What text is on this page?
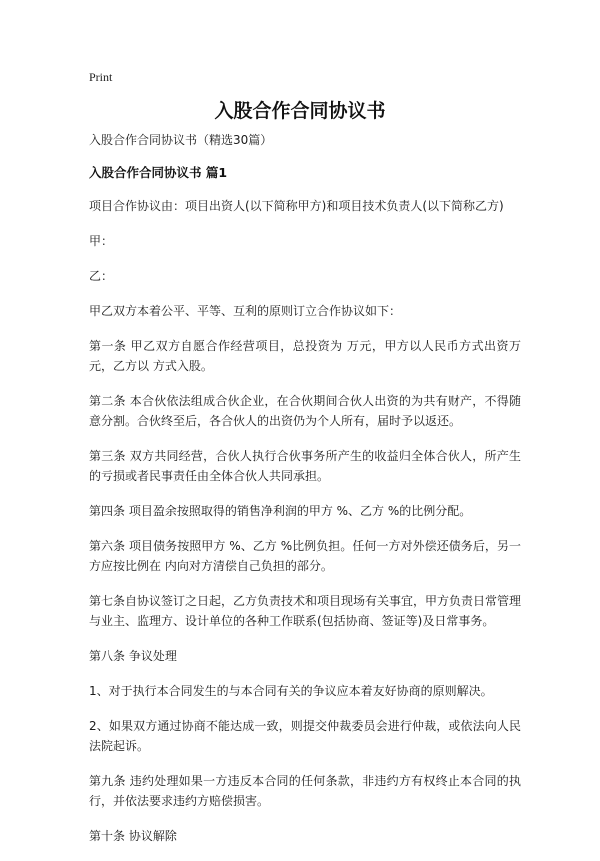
Print
入股合作合同协议书

入股合作合同协议书（精选30篇）

入股合作合同协议书 篇1

项目合作协议由：项目出资人(以下简称甲方)和项目技术负责人(以下简称乙方)

甲：

乙：

甲乙双方本着公平、平等、互利的原则订立合作协议如下：

第一条 甲乙双方自愿合作经营项目，总投资为 万元，甲方以人民币方式出资万元，乙方以 方式入股。

第二条 本合伙依法组成合伙企业，在合伙期间合伙人出资的为共有财产，不得随意分割。合伙终至后，各合伙人的出资仍为个人所有，届时予以返还。

第三条 双方共同经营，合伙人执行合伙事务所产生的收益归全体合伙人，所产生的亏损或者民事责任由全体合伙人共同承担。

第四条 项目盈余按照取得的销售净利润的甲方 %、乙方 %的比例分配。

第六条 项目债务按照甲方 %、乙方 %比例负担。任何一方对外偿还债务后，另一方应按比例在 内向对方清偿自己负担的部分。

第七条自协议签订之日起，乙方负责技术和项目现场有关事宜，甲方负责日常管理与业主、监理方、设计单位的各种工作联系(包括协商、签证等)及日常事务。

第八条 争议处理

1、对于执行本合同发生的与本合同有关的争议应本着友好协商的原则解决。

2、如果双方通过协商不能达成一致，则提交仲裁委员会进行仲裁，或依法向人民法院起诉。

第九条 违约处理如果一方违反本合同的任何条款，非违约方有权终止本合同的执行，并依法要求违约方赔偿损害。

第十条 协议解除
